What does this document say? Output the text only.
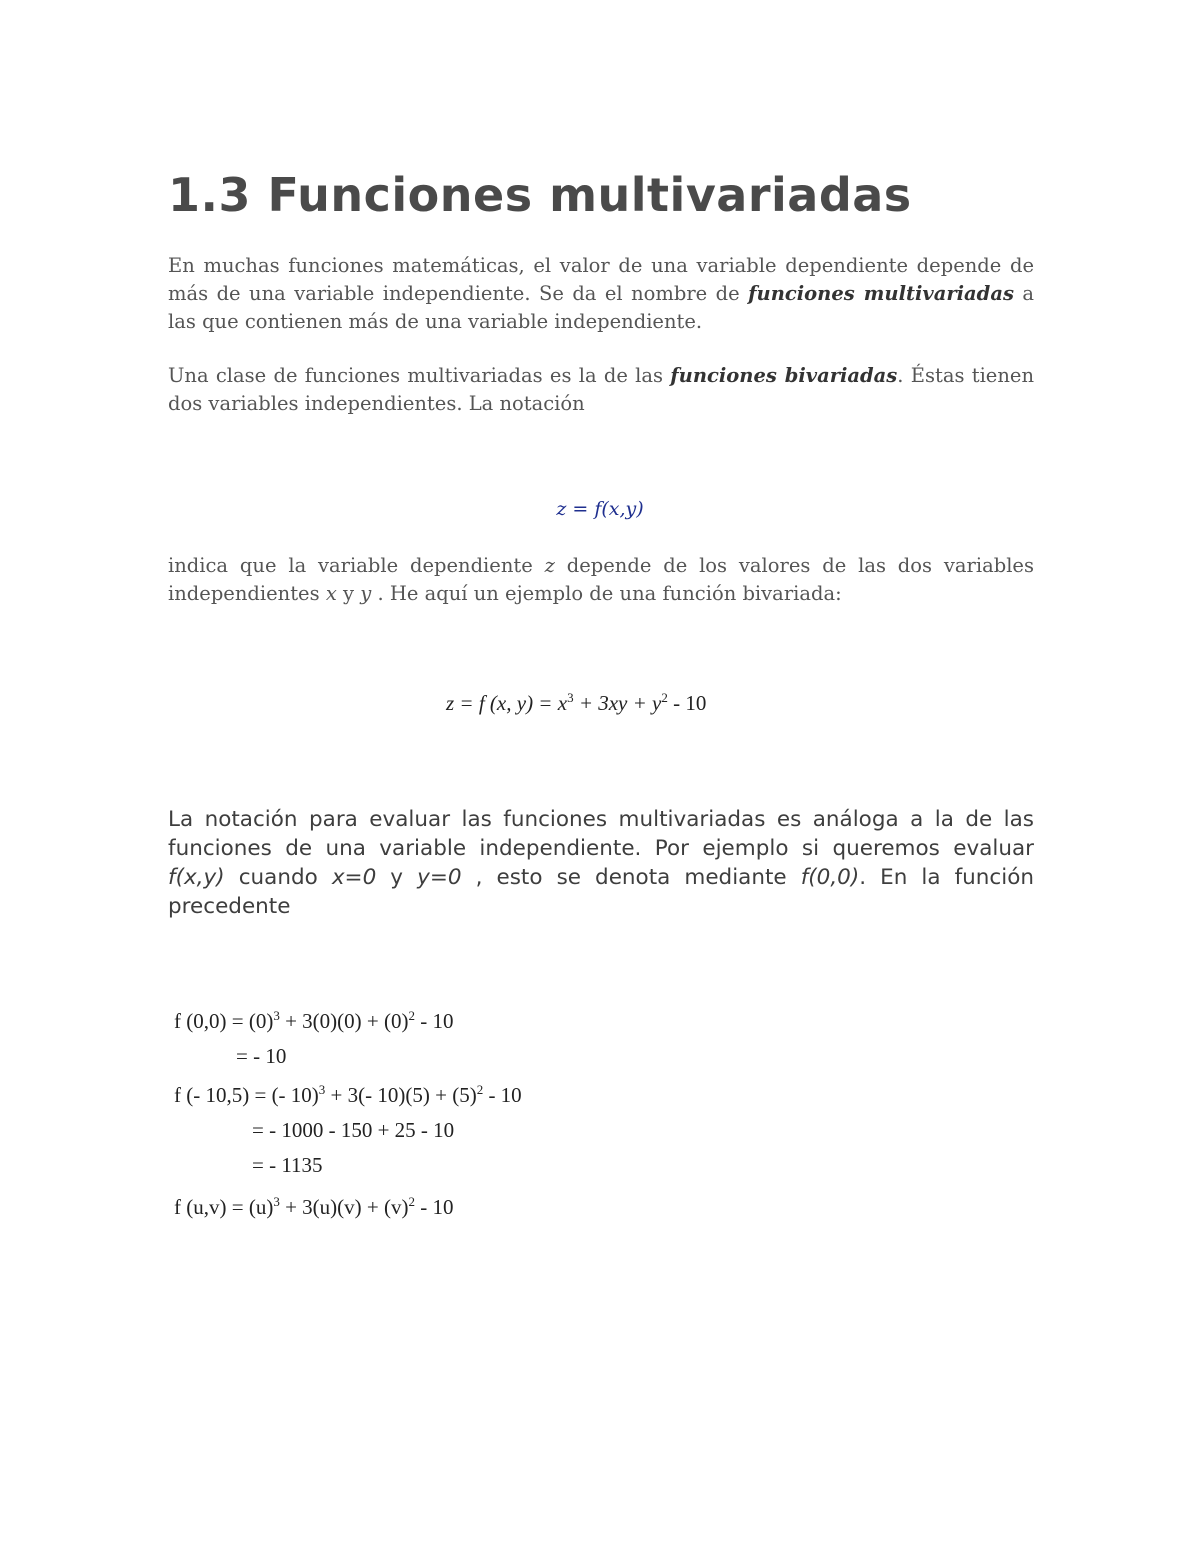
1.3 Funciones multivariadas

En muchas funciones matemáticas, el valor de una variable dependiente depende de más de una variable independiente. Se da el nombre de funciones multivariadas a las que contienen más de una variable independiente.

Una clase de funciones multivariadas es la de las funciones bivariadas. Éstas tienen dos variables independientes. La notación

z = f(x,y)

indica que la variable dependiente z depende de los valores de las dos variables independientes x y y . He aquí un ejemplo de una función bivariada:

z = f (x, $y) = x^3 + 3xy + y^2 - 10$

La notación para evaluar las funciones multivariadas es análoga a la de las funciones de una variable independiente. Por ejemplo si queremos evaluar f(x,y) cuando x=0 y y=0 , esto se denota mediante f(0,0). En la función precedente

f $(0,0) = (0)^3 + 3(0)(0) + (0)^2 - 10$
= - 10
f (- 10,5) = (- 10)$^3$ + 3(- $10)(5) + (5)^2 - 10$
= - 1000 - 150 + 25 - 10
= - 1135
f $(u,v) = (u)^3 + 3(u)(v) + (v)^2 - 10$
